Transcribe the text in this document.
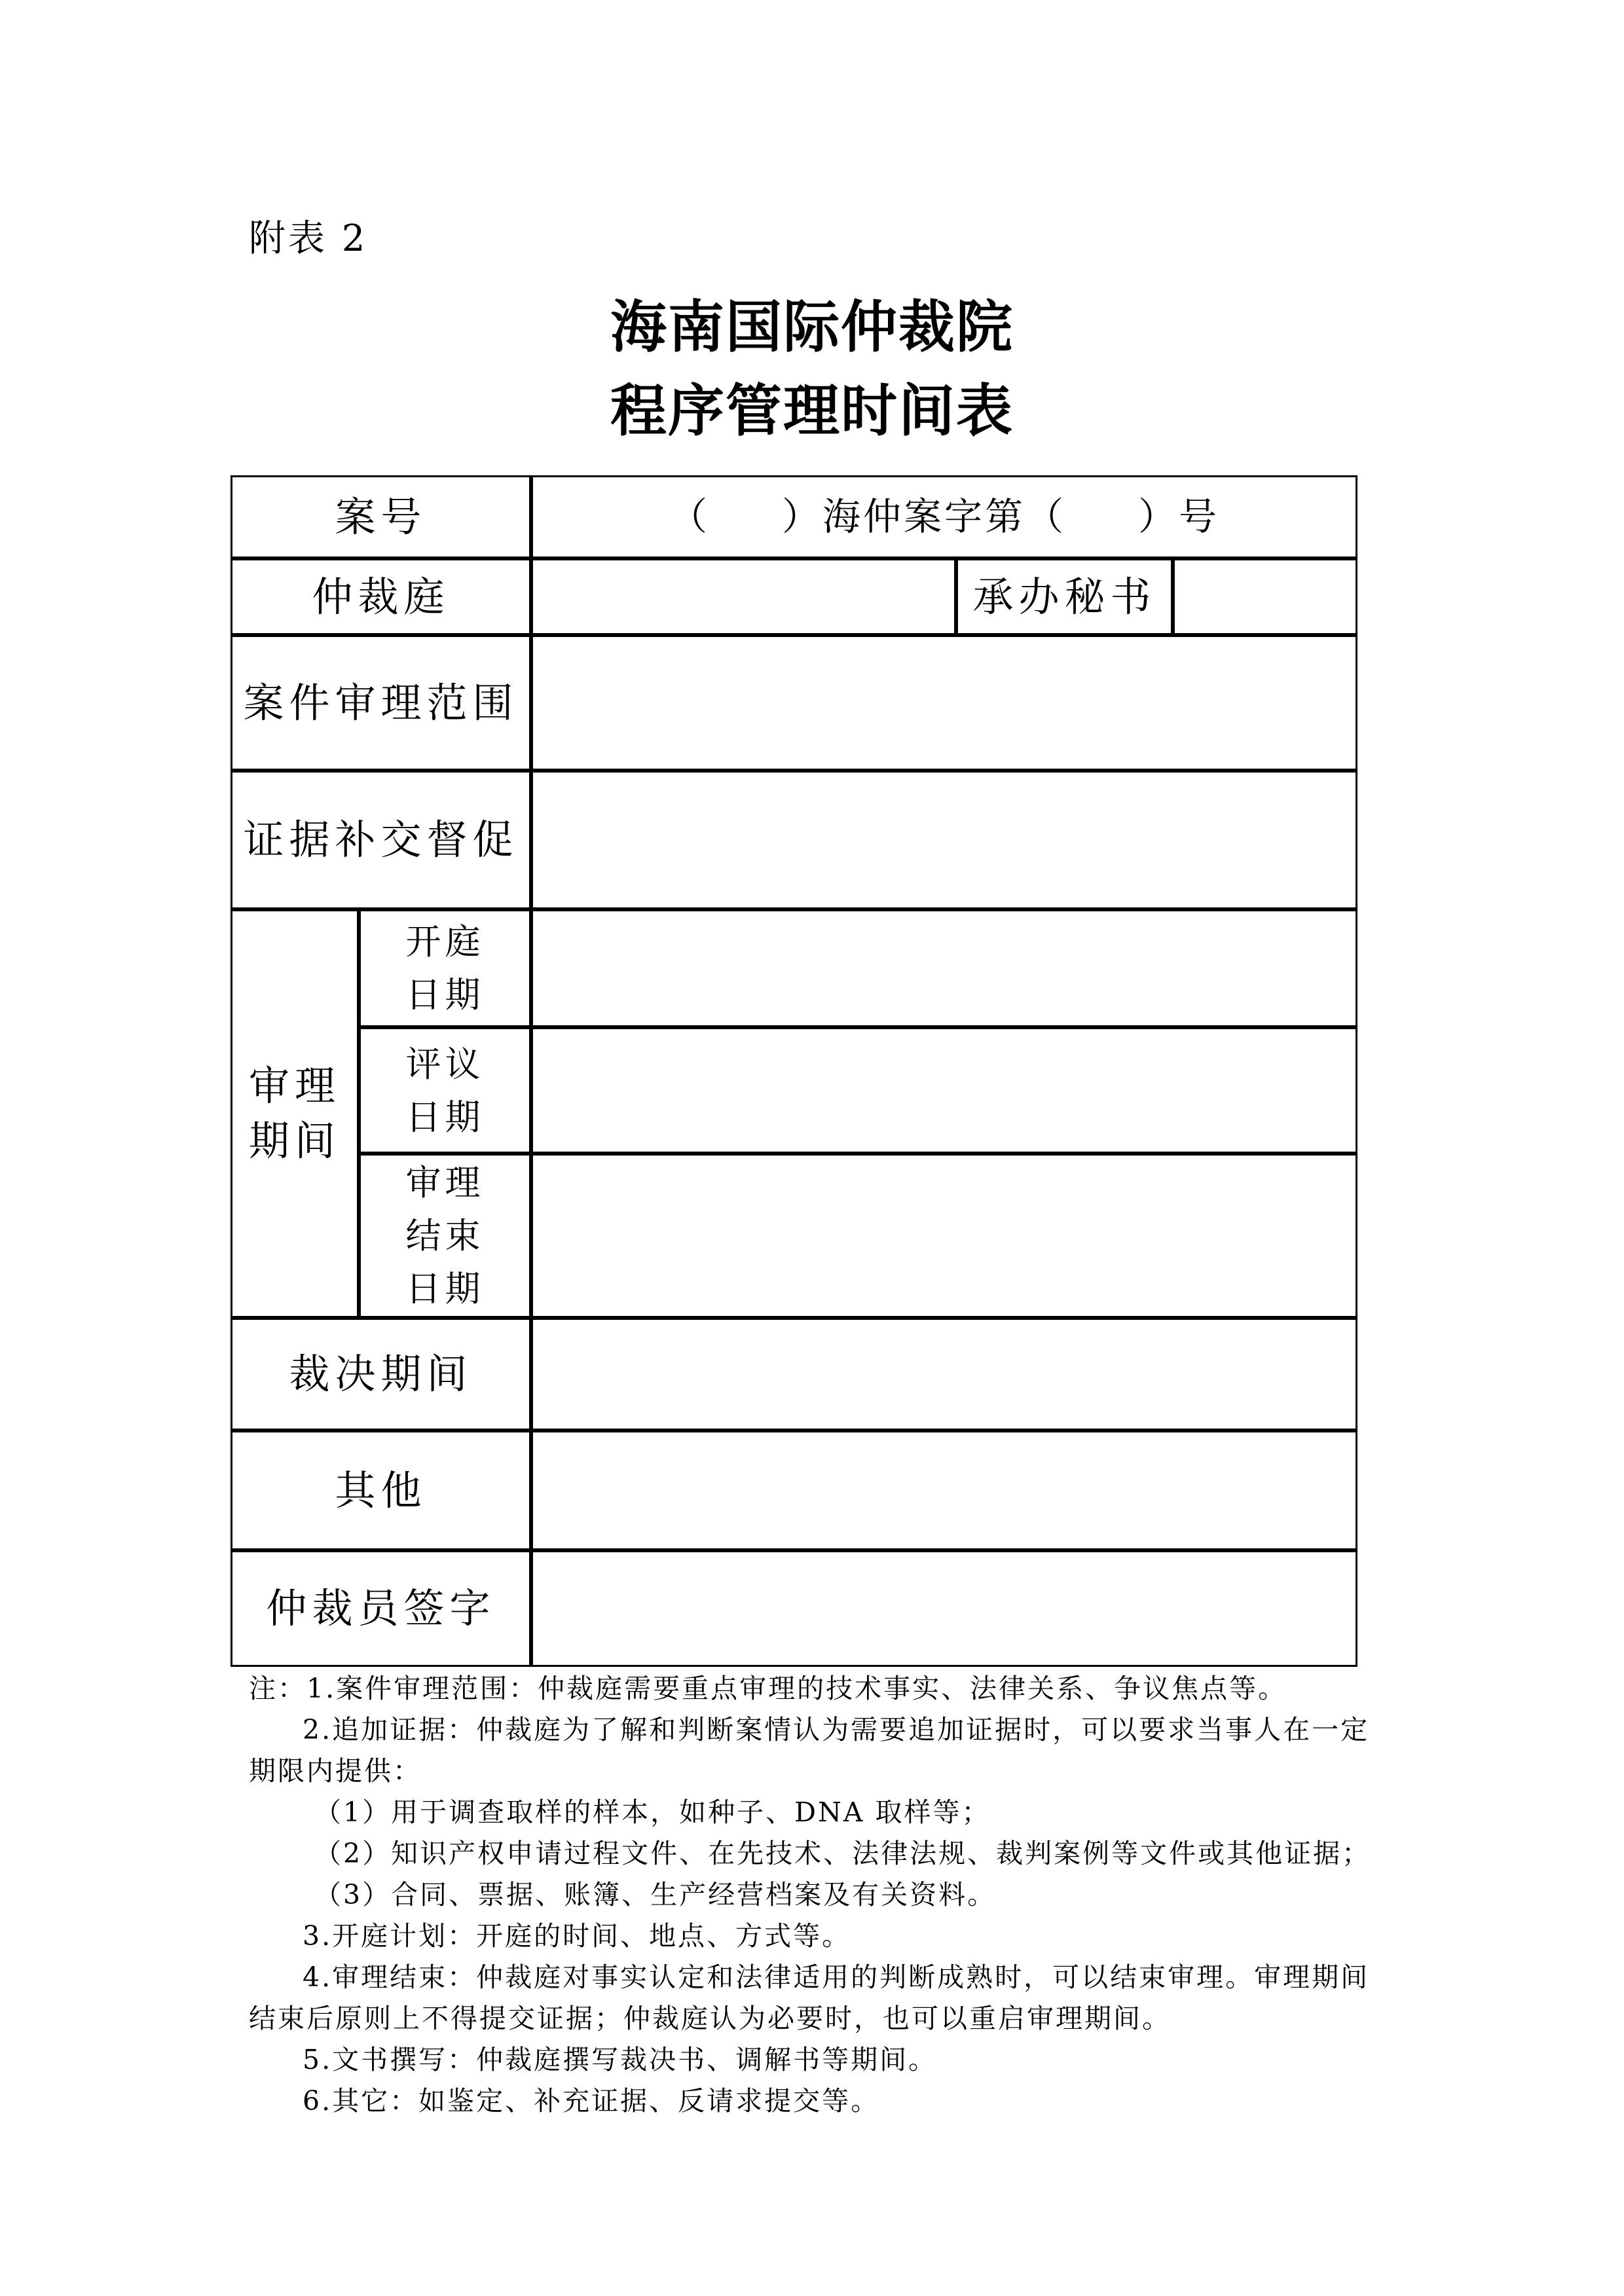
附表 2
海南国际仲裁院
程序管理时间表
案号	（ ）海仲案字第（ ）号
仲裁庭	承办秘书
案件审理范围
证据补交督促
审理
期间
开庭
日期
评议
日期
审理
结束
日期
裁决期间
其他
仲裁员签字

注：1.案件审理范围：仲裁庭需要重点审理的技术事实、法律关系、争议焦点等。

2.追加证据：仲裁庭为了解和判断案情认为需要追加证据时，可以要求当事人在一定期限内提供：

（1）用于调查取样的样本，如种子、DNA 取样等；

（2）知识产权申请过程文件、在先技术、法律法规、裁判案例等文件或其他证据；

（3）合同、票据、账簿、生产经营档案及有关资料。

3.开庭计划：开庭的时间、地点、方式等。

4.审理结束：仲裁庭对事实认定和法律适用的判断成熟时，可以结束审理。审理期间结束后原则上不得提交证据；仲裁庭认为必要时，也可以重启审理期间。

5.文书撰写：仲裁庭撰写裁决书、调解书等期间。

6.其它：如鉴定、补充证据、反请求提交等。
